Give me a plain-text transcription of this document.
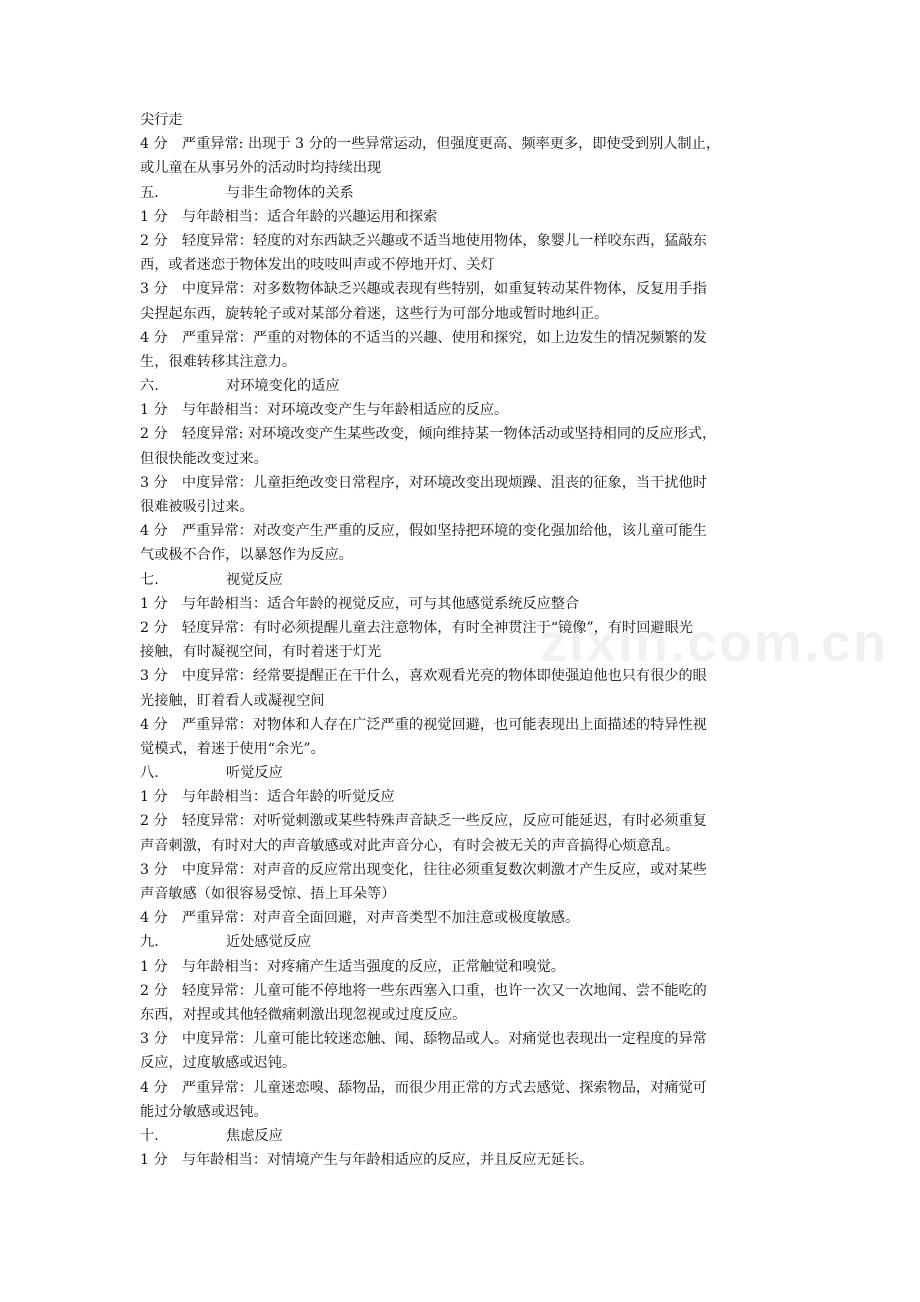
zixin.com.cn
尖行走
4 分　严重异常: 出现于 3 分的一些异常运动，但强度更高、频率更多，即使受到别人制止，
或儿童在从事另外的活动时均持续出现
五.	与非生命物体的关系
1 分　与年龄相当：适合年龄的兴趣运用和探索
2 分　轻度异常：轻度的对东西缺乏兴趣或不适当地使用物体，象婴儿一样咬东西，猛敲东
西，或者迷恋于物体发出的吱吱叫声或不停地开灯、关灯
3 分　中度异常：对多数物体缺乏兴趣或表现有些特别，如重复转动某件物体，反复用手指
尖捏起东西，旋转轮子或对某部分着迷，这些行为可部分地或暂时地纠正。
4 分　严重异常：严重的对物体的不适当的兴趣、使用和探究，如上边发生的情况频繁的发
生，很难转移其注意力。
六.	对环境变化的适应
1 分　与年龄相当：对环境改变产生与年龄相适应的反应。
2 分　轻度异常: 对环境改变产生某些改变，倾向维持某一物体活动或坚持相同的反应形式，
但很快能改变过来。
3 分　中度异常：儿童拒绝改变日常程序，对环境改变出现烦躁、沮丧的征象，当干扰他时
很难被吸引过来。
4 分　严重异常：对改变产生严重的反应，假如坚持把环境的变化强加给他，该儿童可能生
气或极不合作，以暴怒作为反应。
七.	视觉反应
1 分　与年龄相当：适合年龄的视觉反应，可与其他感觉系统反应整合
2 分　轻度异常：有时必须提醒儿童去注意物体，有时全神贯注于“镜像”，有时回避眼光
接触，有时凝视空间，有时着迷于灯光
3 分　中度异常：经常要提醒正在干什么，喜欢观看光亮的物体即使强迫他也只有很少的眼
光接触，盯着看人或凝视空间
4 分　严重异常：对物体和人存在广泛严重的视觉回避，也可能表现出上面描述的特异性视
觉模式，着迷于使用“余光”。
八.	听觉反应
1 分　与年龄相当：适合年龄的听觉反应
2 分　轻度异常：对听觉刺激或某些特殊声音缺乏一些反应，反应可能延迟，有时必须重复
声音刺激，有时对大的声音敏感或对此声音分心，有时会被无关的声音搞得心烦意乱。
3 分　中度异常：对声音的反应常出现变化，往往必须重复数次刺激才产生反应，或对某些
声音敏感（如很容易受惊、捂上耳朵等）
4 分　严重异常：对声音全面回避，对声音类型不加注意或极度敏感。
九.	近处感觉反应
1 分　与年龄相当：对疼痛产生适当强度的反应，正常触觉和嗅觉。
2 分　轻度异常：儿童可能不停地将一些东西塞入口重，也许一次又一次地闻、尝不能吃的
东西，对捏或其他轻微痛刺激出现忽视或过度反应。
3 分　中度异常：儿童可能比较迷恋触、闻、舔物品或人。对痛觉也表现出一定程度的异常
反应，过度敏感或迟钝。
4 分　严重异常：儿童迷恋嗅、舔物品，而很少用正常的方式去感觉、探索物品，对痛觉可
能过分敏感或迟钝。
十.	焦虑反应
1 分　与年龄相当：对情境产生与年龄相适应的反应，并且反应无延长。
